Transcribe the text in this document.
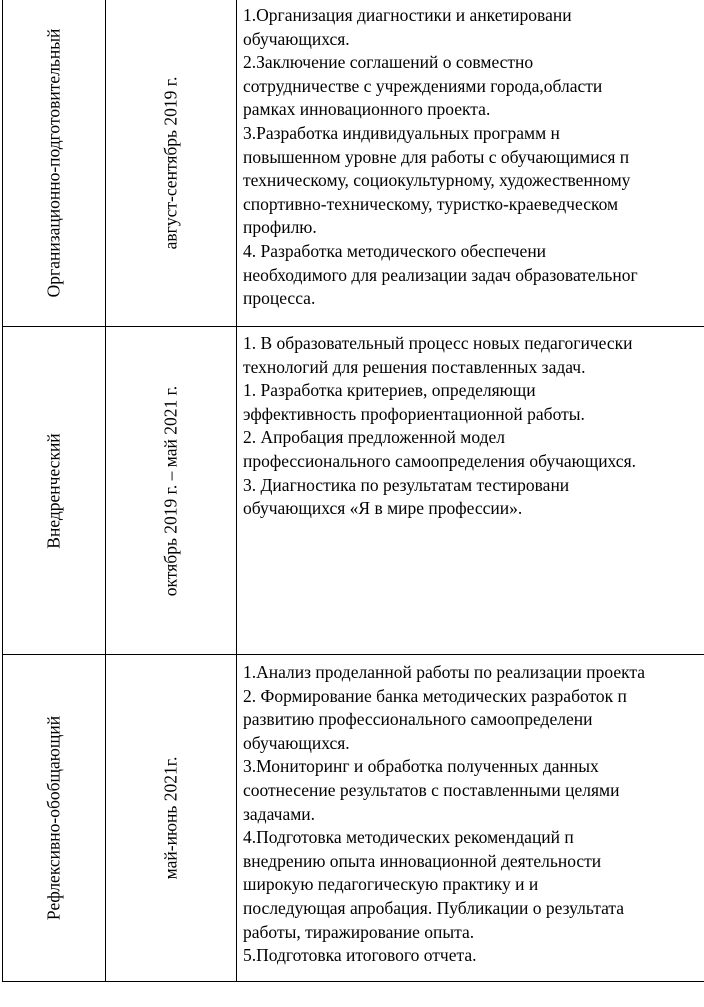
Организационно-подготовительный	август-сентябрь 2019 г.
1.Организация диагностики и анкетировани
обучающихся.
2.Заключение соглашений о совместно
сотрудничестве с учреждениями города,области
рамках инновационного проекта.
3.Разработка индивидуальных программ н
повышенном уровне для работы с обучающимися п
техническому, социокультурному, художественному
спортивно-техническому, туристко-краеведческом
профилю.
4. Разработка методического обеспечени
необходимого для реализации задач образовательног
процесса.
Внедренческий	октябрь 2019 г. – май 2021 г.
1. В образовательный процесс новых педагогически
технологий для решения поставленных задач.
1. Разработка критериев, определяющи
эффективность профориентационной работы.
2. Апробация предложенной модел
профессионального самоопределения обучающихся.
3. Диагностика по результатам тестировани
обучающихся «Я в мире профессии».
Рефлексивно-обобщающий	май-июнь 2021г.
1.Анализ проделанной работы по реализации проекта
2. Формирование банка методических разработок п
развитию профессионального самоопределени
обучающихся.
3.Мониторинг и обработка полученных данных
соотнесение результатов с поставленными целями
задачами.
4.Подготовка методических рекомендаций п
внедрению опыта инновационной деятельности
широкую педагогическую практику и и
последующая апробация. Публикации о результата
работы, тиражирование опыта.
5.Подготовка итогового отчета.
